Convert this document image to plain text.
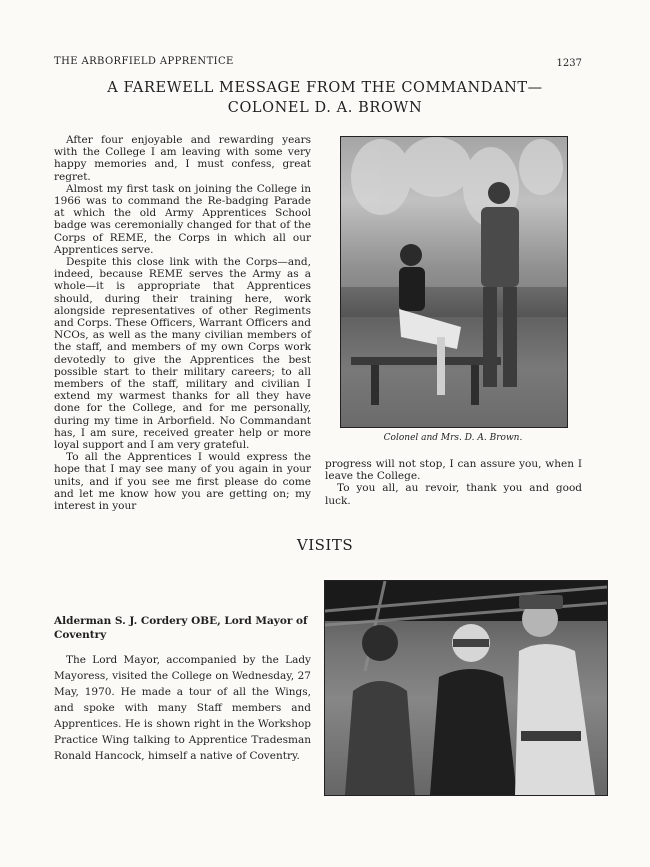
THE ARBORFIELD APPRENTICE	1237
A FAREWELL MESSAGE FROM THE COMMANDANT—
COLONEL D. A. BROWN

After four enjoyable and rewarding years with the College I am leaving with some very happy memories and, I must confess, great regret.

Almost my first task on joining the College in 1966 was to command the Re-badging Parade at which the old Army Apprentices School badge was ceremonially changed for that of the Corps of REME, the Corps in which all our Apprentices serve.

Despite this close link with the Corps—and, indeed, because REME serves the Army as a whole—it is appropriate that Apprentices should, during their training here, work alongside representatives of other Regiments and Corps. These Officers, Warrant Officers and NCOs, as well as the many civilian members of the staff, and members of my own Corps work devotedly to give the Apprentices the best possible start to their military careers; to all members of the staff, military and civilian I extend my warmest thanks for all they have done for the College, and for me personally, during my time in Arborfield. No Commandant has, I am sure, received greater help or more loyal support and I am very grateful.

To all the Apprentices I would express the hope that I may see many of you again in your units, and if you see me first please do come and let me know how you are getting on; my interest in your

Colonel and Mrs. D. A. Brown.

progress will not stop, I can assure you, when I leave the College.

To you all, au revoir, thank you and good luck.

VISITS
Alderman S. J. Cordery OBE, Lord Mayor of Coventry

The Lord Mayor, accompanied by the Lady Mayoress, visited the College on Wednesday, 27 May, 1970. He made a tour of all the Wings, and spoke with many Staff members and Apprentices. He is shown right in the Workshop Practice Wing talking to Apprentice Tradesman Ronald Hancock, himself a native of Coventry.
